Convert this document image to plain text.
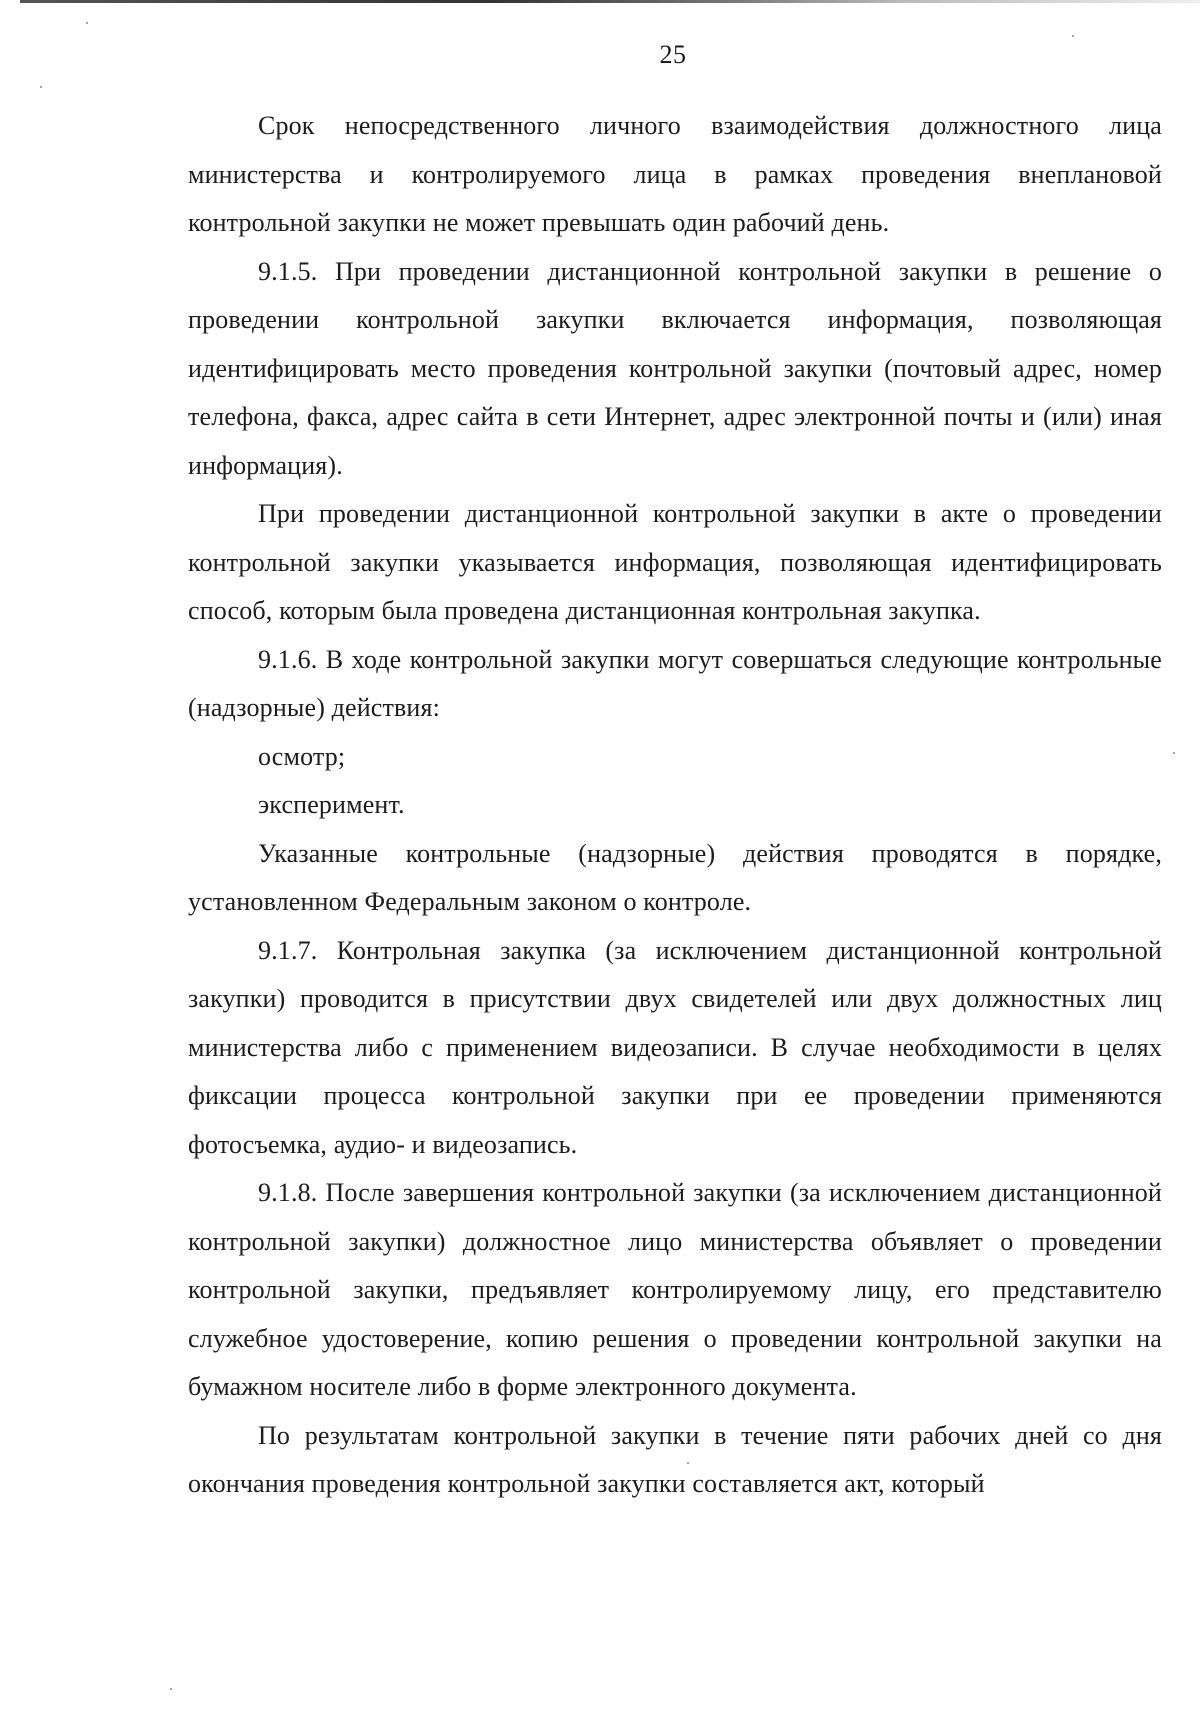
25

Срок непосредственного личного взаимодействия должностного лица министерства и контролируемого лица в рамках проведения внеплановой контрольной закупки не может превышать один рабочий день.

9.1.5. При проведении дистанционной контрольной закупки в решение о проведении контрольной закупки включается информация, позволяющая идентифицировать место проведения контрольной закупки (почтовый адрес, номер телефона, факса, адрес сайта в сети Интернет, адрес электронной почты и (или) иная информация).

При проведении дистанционной контрольной закупки в акте о проведении контрольной закупки указывается информация, позволяющая идентифицировать способ, которым была проведена дистанционная контрольная закупка.

9.1.6. В ходе контрольной закупки могут совершаться следующие контрольные (надзорные) действия:

осмотр;

эксперимент.

Указанные контрольные (надзорные) действия проводятся в порядке, установленном Федеральным законом о контроле.

9.1.7. Контрольная закупка (за исключением дистанционной контрольной закупки) проводится в присутствии двух свидетелей или двух должностных лиц министерства либо с применением видеозаписи. В случае необходимости в целях фиксации процесса контрольной закупки при ее проведении применяются фотосъемка, аудио- и видеозапись.

9.1.8. После завершения контрольной закупки (за исключением дистанционной контрольной закупки) должностное лицо министерства объявляет о проведении контрольной закупки, предъявляет контролируемому лицу, его представителю служебное удостоверение, копию решения о проведении контрольной закупки на бумажном носителе либо в форме электронного документа.

По результатам контрольной закупки в течение пяти рабочих дней со дня окончания проведения контрольной закупки составляется акт, который
